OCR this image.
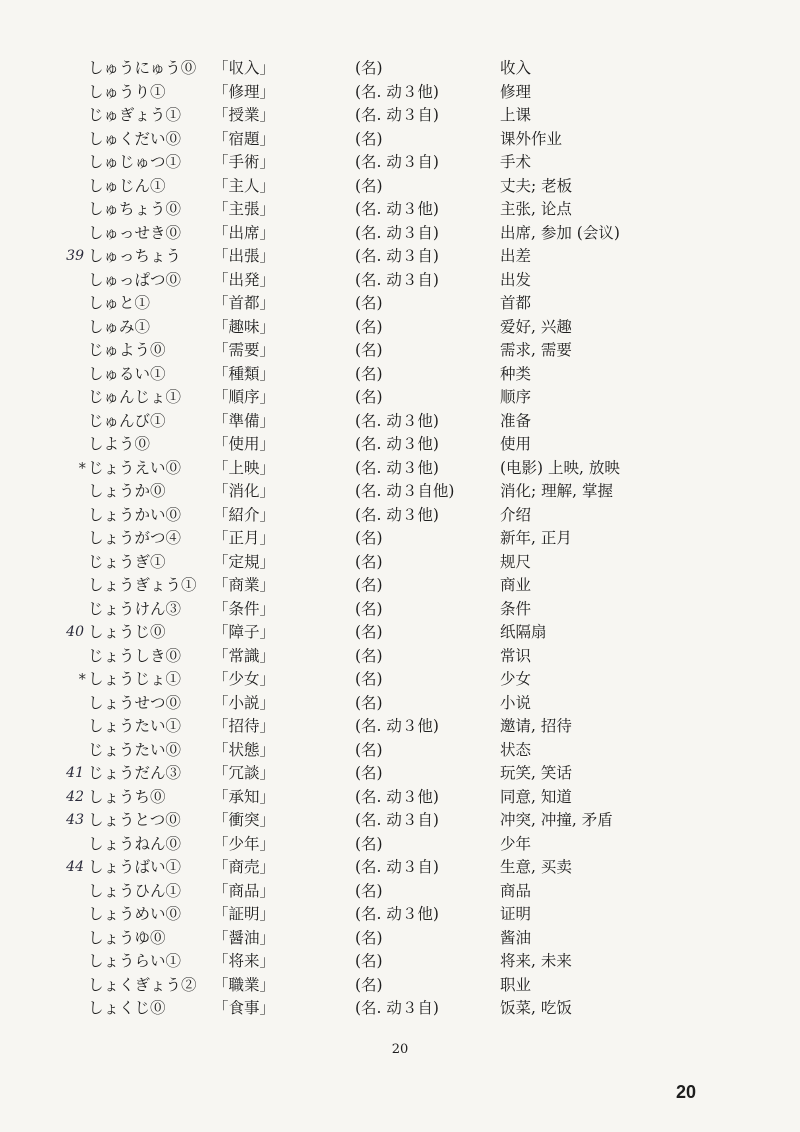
しゅうにゅう⓪ 「収入」	(名)	收入
しゅうり①	「修理」	(名. 动３他)	修理
じゅぎょう① 「授業」	(名. 动３自)	上课
しゅくだい⓪ 「宿題」	(名)	课外作业
しゅじゅつ① 「手術」	(名. 动３自)	手术
しゅじん①	「主人」	(名)	丈夫; 老板
しゅちょう⓪ 「主張」	(名. 动３他)	主张, 论点
しゅっせき⓪ 「出席」	(名. 动３自)	出席, 参加 (会议)
39 しゅっちょう 「出張」	(名. 动３自)	出差
しゅっぱつ⓪ 「出発」	(名. 动３自)	出发
しゅと①	「首都」	(名)	首都
しゅみ①	「趣味」	(名)	爱好, 兴趣
じゅよう⓪	「需要」	(名)	需求, 需要
しゅるい①	「種類」	(名)	种类
じゅんじょ① 「順序」	(名)	顺序
じゅんび①	「準備」	(名. 动３他)	准备
しよう⓪	「使用」	(名. 动３他)	使用
* じょうえい⓪ 「上映」	(名. 动３他)	(电影) 上映, 放映
しょうか⓪	「消化」	(名. 动３自他)	消化; 理解, 掌握
しょうかい⓪ 「紹介」	(名. 动３他)	介绍
しょうがつ④ 「正月」	(名)	新年, 正月
じょうぎ①	「定規」	(名)	规尺
しょうぎょう① 「商業」	(名)	商业
じょうけん③ 「条件」	(名)	条件
40 しょうじ⓪	「障子」	(名)	纸隔扇
じょうしき⓪ 「常識」	(名)	常识
* しょうじょ① 「少女」	(名)	少女
しょうせつ⓪ 「小説」	(名)	小说
しょうたい① 「招待」	(名. 动３他)	邀请, 招待
じょうたい⓪ 「状態」	(名)	状态
41 じょうだん③ 「冗談」	(名)	玩笑, 笑话
42 しょうち⓪	「承知」	(名. 动３他)	同意, 知道
43 しょうとつ⓪ 「衝突」	(名. 动３自)	冲突, 冲撞, 矛盾
しょうねん⓪ 「少年」	(名)	少年
44 しょうばい① 「商売」	(名. 动３自)	生意, 买卖
しょうひん① 「商品」	(名)	商品
しょうめい⓪ 「証明」	(名. 动３他)	证明
しょうゆ⓪	「醤油」	(名)	酱油
しょうらい① 「将来」	(名)	将来, 未来
しょくぎょう② 「職業」	(名)	职业
しょくじ⓪	「食事」	(名. 动３自)	饭菜, 吃饭
20
20
